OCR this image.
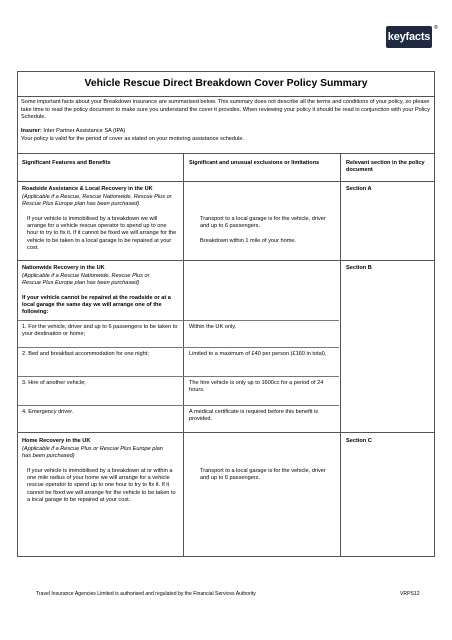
keyfacts
®
Vehicle Rescue Direct Breakdown Cover Policy Summary
Some important facts about your Breakdown insurance are summarised below. This summary does not describe all the terms and conditions of your policy, so please take time to read the policy document to make sure you understand the cover it provides. When reviewing your policy it should be read in conjunction with your Policy Schedule.
Insurer: Inter Partner Assistance SA (IPA)
Your policy is valid for the period of cover as stated on your motoring assistance schedule.
Significant Features and Benefits	Significant and unusual exclusions or limitations	Relevant section in the policy document
Roadside Assistance & Local Recovery in the UK
(Applicable if a Rescue, Rescue Nationwide, Rescue Plus or Rescue Plus Europe plan has been purchased)
If your vehicle is immobilised by a breakdown we will arrange for a vehicle rescue operator to spend up to one hour to try to fix it. If it cannot be fixed we will arrange for the vehicle to be taken to a local garage to be repaired at your cost.
Transport to a local garage is for the vehicle, driver and up to 6 passengers.
Breakdown within 1 mile of your home.
Section A
Nationwide Recovery in the UK
(Applicable if a Rescue Nationwide, Rescue Plus or Rescue Plus Europe plan has been purchased)
If your vehicle cannot be repaired at the roadside or at a local garage the same day we will arrange one of the following:
Section B
1. For the vehicle, driver and up to 6 passengers to be taken to your destination or home;
Within the UK only.
2. Bed and breakfast accommodation for one night;	Limited to a maximum of £40 per person (£160 in total).
3. Hire of another vehicle;	The hire vehicle is only up to 1600cc for a period of 24 hours.
4. Emergency driver.	A medical certificate is required before this benefit is provided.
Home Recovery in the UK
(Applicable if a Rescue Plus or Rescue Plus Europe plan has been purchased)
If your vehicle is immobilised by a breakdown at or within a one mile radius of your home we will arrange for a vehicle rescue operator to spend up to one hour to try to fix it. If it cannot be fixed we will arrange for the vehicle to be taken to a local garage to be repaired at your cost.
Transport to a local garage is for the vehicle, driver and up to 6 passengers.
Section C
Travel Insurance Agencies Limited is authorised and regulated by the Financial Services Authority	VRPS12
